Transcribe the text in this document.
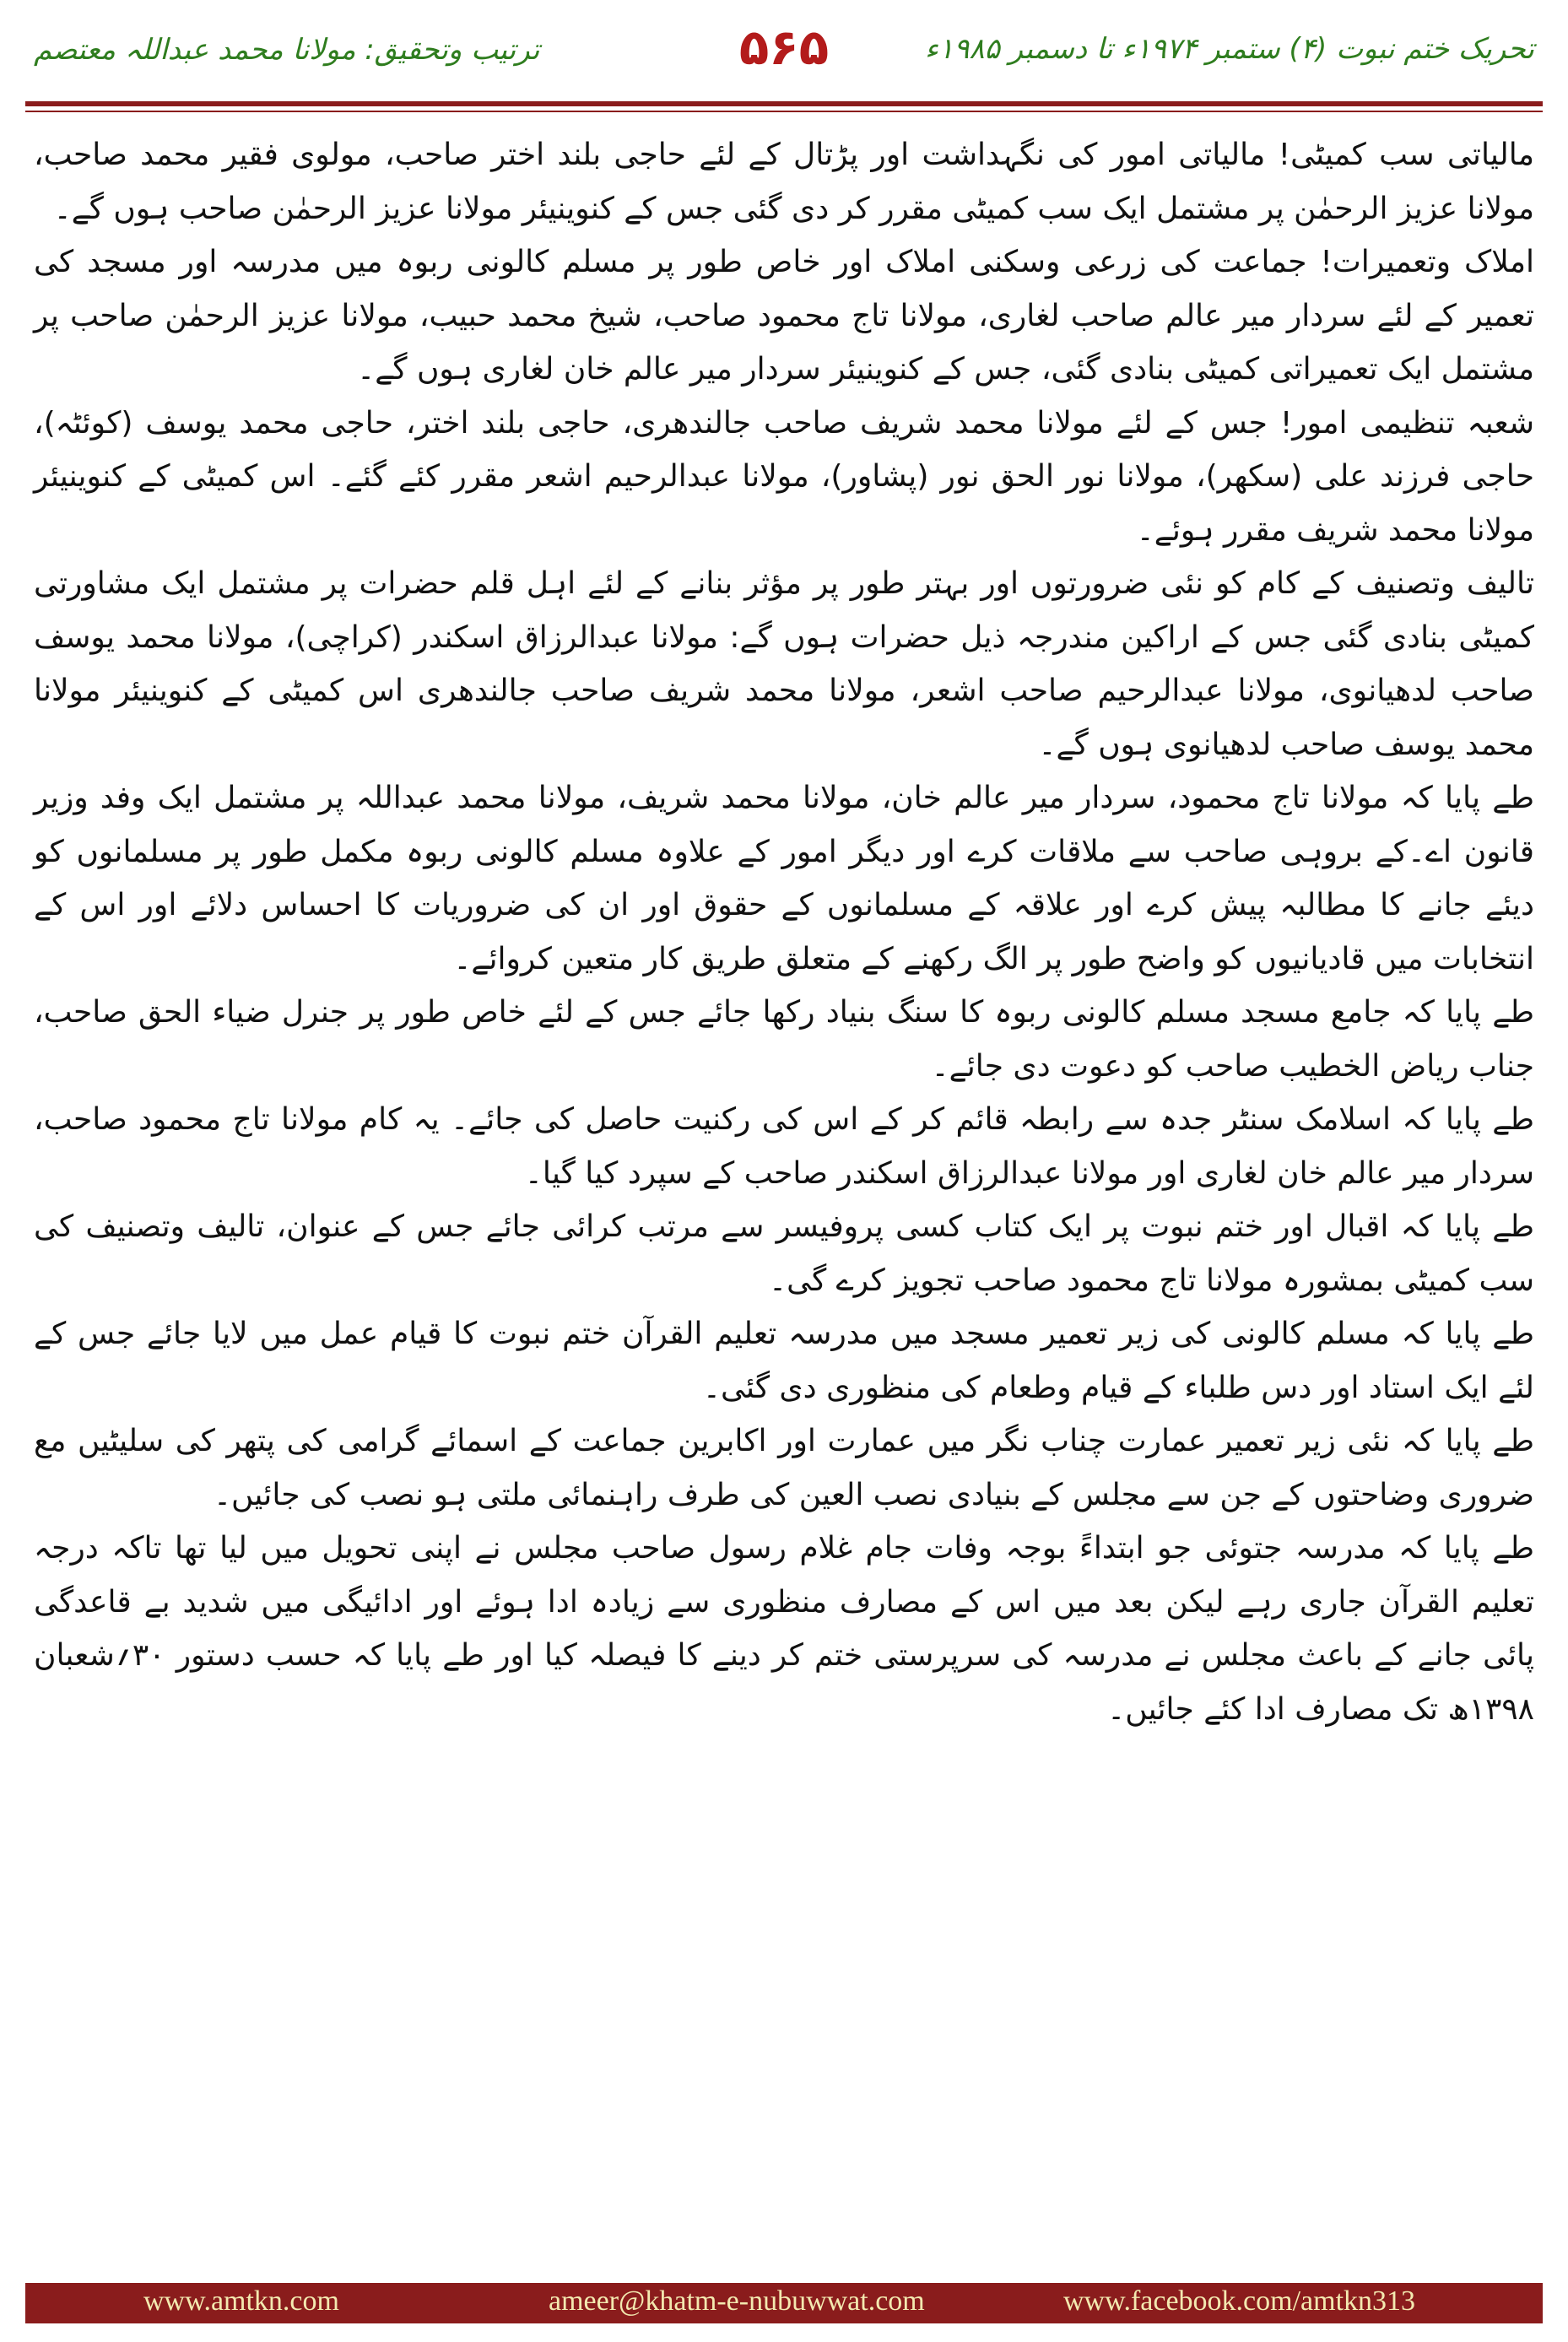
تحریک ختم نبوت (۴) ستمبر ۱۹۷۴ء تا دسمبر ۱۹۸۵ء
۵۶۵
ترتیب وتحقیق: مولانا محمد عبداللہ معتصم

مالیاتی سب کمیٹی! مالیاتی امور کی نگہداشت اور پڑتال کے لئے حاجی بلند اختر صاحب، مولوی فقیر محمد صاحب، مولانا عزیز الرحمٰن پر مشتمل ایک سب کمیٹی مقرر کر دی گئی جس کے کنوینیئر مولانا عزیز الرحمٰن صاحب ہوں گے۔

املاک وتعمیرات! جماعت کی زرعی وسکنی املاک اور خاص طور پر مسلم کالونی ربوہ میں مدرسہ اور مسجد کی تعمیر کے لئے سردار میر عالم صاحب لغاری، مولانا تاج محمود صاحب، شیخ محمد حبیب، مولانا عزیز الرحمٰن صاحب پر مشتمل ایک تعمیراتی کمیٹی بنادی گئی، جس کے کنوینیئر سردار میر عالم خان لغاری ہوں گے۔

شعبہ تنظیمی امور! جس کے لئے مولانا محمد شریف صاحب جالندھری، حاجی بلند اختر، حاجی محمد یوسف (کوئٹہ)، حاجی فرزند علی (سکھر)، مولانا نور الحق نور (پشاور)، مولانا عبدالرحیم اشعر مقرر کئے گئے۔ اس کمیٹی کے کنوینیئر مولانا محمد شریف مقرر ہوئے۔

تالیف وتصنیف کے کام کو نئی ضرورتوں اور بہتر طور پر مؤثر بنانے کے لئے اہل قلم حضرات پر مشتمل ایک مشاورتی کمیٹی بنادی گئی جس کے اراکین مندرجہ ذیل حضرات ہوں گے: مولانا عبدالرزاق اسکندر (کراچی)، مولانا محمد یوسف صاحب لدھیانوی، مولانا عبدالرحیم صاحب اشعر، مولانا محمد شریف صاحب جالندھری اس کمیٹی کے کنوینیئر مولانا محمد یوسف صاحب لدھیانوی ہوں گے۔

طے پایا کہ مولانا تاج محمود، سردار میر عالم خان، مولانا محمد شریف، مولانا محمد عبداللہ پر مشتمل ایک وفد وزیر قانون اے۔کے بروہی صاحب سے ملاقات کرے اور دیگر امور کے علاوہ مسلم کالونی ربوہ مکمل طور پر مسلمانوں کو دیئے جانے کا مطالبہ پیش کرے اور علاقہ کے مسلمانوں کے حقوق اور ان کی ضروریات کا احساس دلائے اور اس کے انتخابات میں قادیانیوں کو واضح طور پر الگ رکھنے کے متعلق طریق کار متعین کروائے۔

طے پایا کہ جامع مسجد مسلم کالونی ربوہ کا سنگ بنیاد رکھا جائے جس کے لئے خاص طور پر جنرل ضیاء الحق صاحب، جناب ریاض الخطیب صاحب کو دعوت دی جائے۔

طے پایا کہ اسلامک سنٹر جدہ سے رابطہ قائم کر کے اس کی رکنیت حاصل کی جائے۔ یہ کام مولانا تاج محمود صاحب، سردار میر عالم خان لغاری اور مولانا عبدالرزاق اسکندر صاحب کے سپرد کیا گیا۔

طے پایا کہ اقبال اور ختم نبوت پر ایک کتاب کسی پروفیسر سے مرتب کرائی جائے جس کے عنوان، تالیف وتصنیف کی سب کمیٹی بمشورہ مولانا تاج محمود صاحب تجویز کرے گی۔

طے پایا کہ مسلم کالونی کی زیر تعمیر مسجد میں مدرسہ تعلیم القرآن ختم نبوت کا قیام عمل میں لایا جائے جس کے لئے ایک استاد اور دس طلباء کے قیام وطعام کی منظوری دی گئی۔

طے پایا کہ نئی زیر تعمیر عمارت چناب نگر میں عمارت اور اکابرین جماعت کے اسمائے گرامی کی پتھر کی سلیٹیں مع ضروری وضاحتوں کے جن سے مجلس کے بنیادی نصب العین کی طرف راہنمائی ملتی ہو نصب کی جائیں۔

طے پایا کہ مدرسہ جتوئی جو ابتداءً بوجہ وفات جام غلام رسول صاحب مجلس نے اپنی تحویل میں لیا تھا تاکہ درجہ تعلیم القرآن جاری رہے لیکن بعد میں اس کے مصارف منظوری سے زیادہ ادا ہوئے اور ادائیگی میں شدید بے قاعدگی پائی جانے کے باعث مجلس نے مدرسہ کی سرپرستی ختم کر دینے کا فیصلہ کیا اور طے پایا کہ حسب دستور ۳۰؍شعبان ۱۳۹۸ھ تک مصارف ادا کئے جائیں۔

www.amtkn.com	ameer@khatm-e-nubuwwat.com	www.facebook.com/amtkn313
